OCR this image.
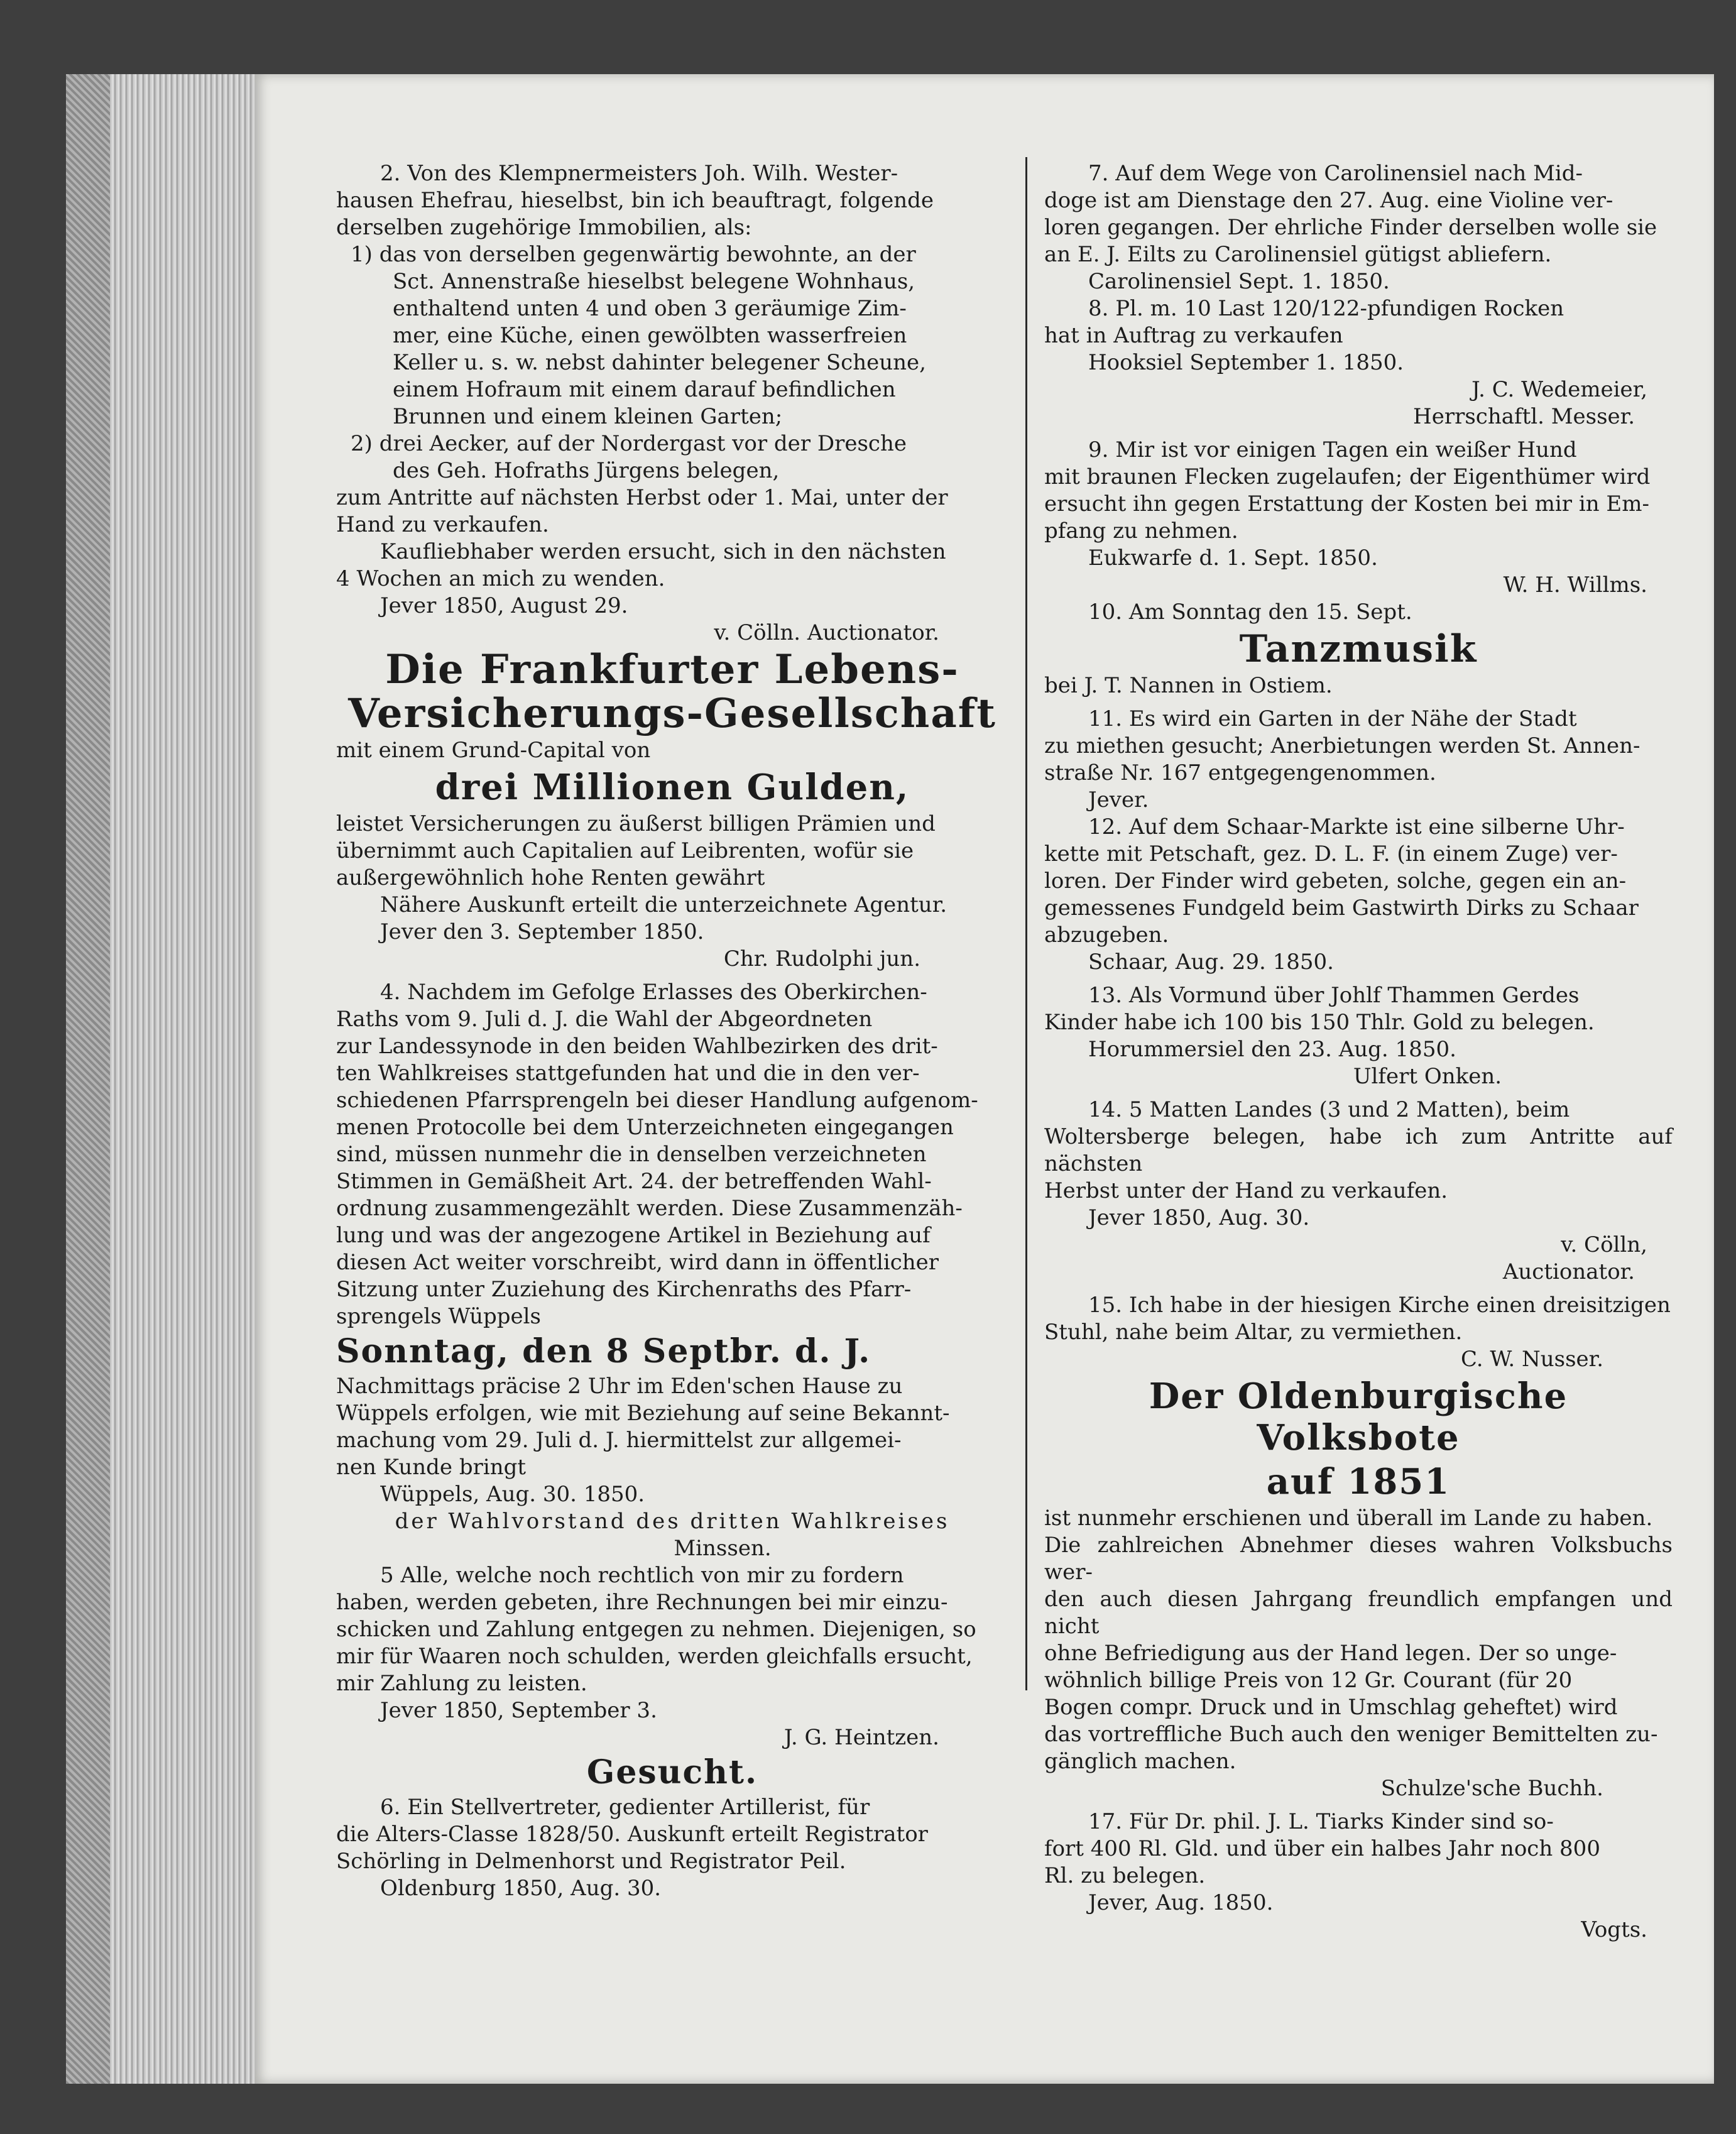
2. Von des Klempnermeisters Joh. Wilh. Wester-

hausen Ehefrau, hieselbst, bin ich beauftragt, folgende

derselben zugehörige Immobilien, als:

1) das von derselben gegenwärtig bewohnte, an der

Sct. Annenstraße hieselbst belegene Wohnhaus,

enthaltend unten 4 und oben 3 geräumige Zim-

mer, eine Küche, einen gewölbten wasserfreien

Keller u. s. w. nebst dahinter belegener Scheune,

einem Hofraum mit einem darauf befindlichen

Brunnen und einem kleinen Garten;

2) drei Aecker, auf der Nordergast vor der Dresche

des Geh. Hofraths Jürgens belegen,

zum Antritte auf nächsten Herbst oder 1. Mai, unter der

Hand zu verkaufen.

Kaufliebhaber werden ersucht, sich in den nächsten

4 Wochen an mich zu wenden.

Jever 1850, August 29.

v. Cölln. Auctionator.

Die Frankfurter Lebens-

Versicherungs-Gesellschaft

mit einem Grund-Capital von

drei Millionen Gulden,

leistet Versicherungen zu äußerst billigen Prämien und

übernimmt auch Capitalien auf Leibrenten, wofür sie

außergewöhnlich hohe Renten gewährt

Nähere Auskunft erteilt die unterzeichnete Agentur.

Jever den 3. September 1850.

Chr. Rudolphi jun.

4. Nachdem im Gefolge Erlasses des Oberkirchen-

Raths vom 9. Juli d. J. die Wahl der Abgeordneten

zur Landessynode in den beiden Wahlbezirken des drit-

ten Wahlkreises stattgefunden hat und die in den ver-

schiedenen Pfarrsprengeln bei dieser Handlung aufgenom-

menen Protocolle bei dem Unterzeichneten eingegangen

sind, müssen nunmehr die in denselben verzeichneten

Stimmen in Gemäßheit Art. 24. der betreffenden Wahl-

ordnung zusammengezählt werden. Diese Zusammenzäh-

lung und was der angezogene Artikel in Beziehung auf

diesen Act weiter vorschreibt, wird dann in öffentlicher

Sitzung unter Zuziehung des Kirchenraths des Pfarr-

sprengels Wüppels

Sonntag, den 8 Septbr. d. J.

Nachmittags präcise 2 Uhr im Eden'schen Hause zu

Wüppels erfolgen, wie mit Beziehung auf seine Bekannt-

machung vom 29. Juli d. J. hiermittelst zur allgemei-

nen Kunde bringt

Wüppels, Aug. 30. 1850.

der Wahlvorstand des dritten Wahlkreises

Minssen.

5 Alle, welche noch rechtlich von mir zu fordern

haben, werden gebeten, ihre Rechnungen bei mir einzu-

schicken und Zahlung entgegen zu nehmen. Diejenigen, so

mir für Waaren noch schulden, werden gleichfalls ersucht,

mir Zahlung zu leisten.

Jever 1850, September 3.

J. G. Heintzen.

Gesucht.

6. Ein Stellvertreter, gedienter Artillerist, für

die Alters-Classe 1828/50. Auskunft erteilt Registrator

Schörling in Delmenhorst und Registrator Peil.

Oldenburg 1850, Aug. 30.

7. Auf dem Wege von Carolinensiel nach Mid-

doge ist am Dienstage den 27. Aug. eine Violine ver-

loren gegangen. Der ehrliche Finder derselben wolle sie

an E. J. Eilts zu Carolinensiel gütigst abliefern.

Carolinensiel Sept. 1. 1850.

8. Pl. m. 10 Last 120/122-pfundigen Rocken

hat in Auftrag zu verkaufen

Hooksiel September 1. 1850.

J. C. Wedemeier,

Herrschaftl. Messer.

9. Mir ist vor einigen Tagen ein weißer Hund

mit braunen Flecken zugelaufen; der Eigenthümer wird

ersucht ihn gegen Erstattung der Kosten bei mir in Em-

pfang zu nehmen.

Eukwarfe d. 1. Sept. 1850.

W. H. Willms.

10. Am Sonntag den 15. Sept.

Tanzmusik

bei J. T. Nannen in Ostiem.

11. Es wird ein Garten in der Nähe der Stadt

zu miethen gesucht; Anerbietungen werden St. Annen-

straße Nr. 167 entgegengenommen.

Jever.

12. Auf dem Schaar-Markte ist eine silberne Uhr-

kette mit Petschaft, gez. D. L. F. (in einem Zuge) ver-

loren. Der Finder wird gebeten, solche, gegen ein an-

gemessenes Fundgeld beim Gastwirth Dirks zu Schaar

abzugeben.

Schaar, Aug. 29. 1850.

13. Als Vormund über Johlf Thammen Gerdes

Kinder habe ich 100 bis 150 Thlr. Gold zu belegen.

Horummersiel den 23. Aug. 1850.

Ulfert Onken.

14. 5 Matten Landes (3 und 2 Matten), beim

Woltersberge belegen, habe ich zum Antritte auf nächsten

Herbst unter der Hand zu verkaufen.

Jever 1850, Aug. 30.

v. Cölln,

Auctionator.

15. Ich habe in der hiesigen Kirche einen dreisitzigen

Stuhl, nahe beim Altar, zu vermiethen.

C. W. Nusser.

Der Oldenburgische Volksbote

auf 1851

ist nunmehr erschienen und überall im Lande zu haben.

Die zahlreichen Abnehmer dieses wahren Volksbuchs wer-

den auch diesen Jahrgang freundlich empfangen und nicht

ohne Befriedigung aus der Hand legen. Der so unge-

wöhnlich billige Preis von 12 Gr. Courant (für 20

Bogen compr. Druck und in Umschlag geheftet) wird

das vortreffliche Buch auch den weniger Bemittelten zu-

gänglich machen.

Schulze'sche Buchh.

17. Für Dr. phil. J. L. Tiarks Kinder sind so-

fort 400 Rl. Gld. und über ein halbes Jahr noch 800

Rl. zu belegen.

Jever, Aug. 1850.

Vogts.
